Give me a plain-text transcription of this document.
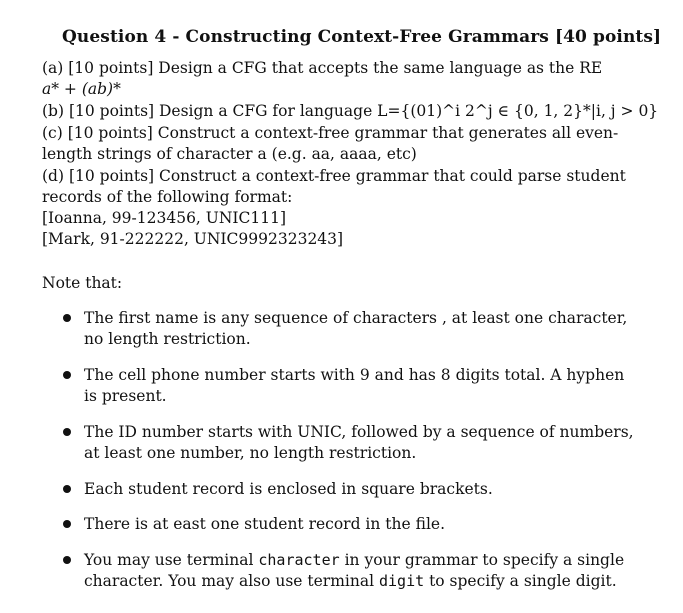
Question 4 - Constructing Context-Free Grammars [40 points]
(a) [10 points] Design a CFG that accepts the same language as the RE
a* + (ab)*
(b) [10 points] Design a CFG for language L={(01)^i 2^j ∈ {0, 1, 2}*|i, j > 0}
(c) [10 points] Construct a context-free grammar that generates all even-
length strings of character a (e.g. aa, aaaa, etc)
(d) [10 points] Construct a context-free grammar that could parse student
records of the following format:
[Ioanna, 99-123456, UNIC111]
[Mark, 91-222222, UNIC9992323243]
Note that:
The first name is any sequence of characters , at least one character,
no length restriction.
The cell phone number starts with 9 and has 8 digits total. A hyphen
is present.
The ID number starts with UNIC, followed by a sequence of numbers,
at least one number, no length restriction.
Each student record is enclosed in square brackets.
There is at east one student record in the file.
You may use terminal character in your grammar to specify a single
character. You may also use terminal digit to specify a single digit.
